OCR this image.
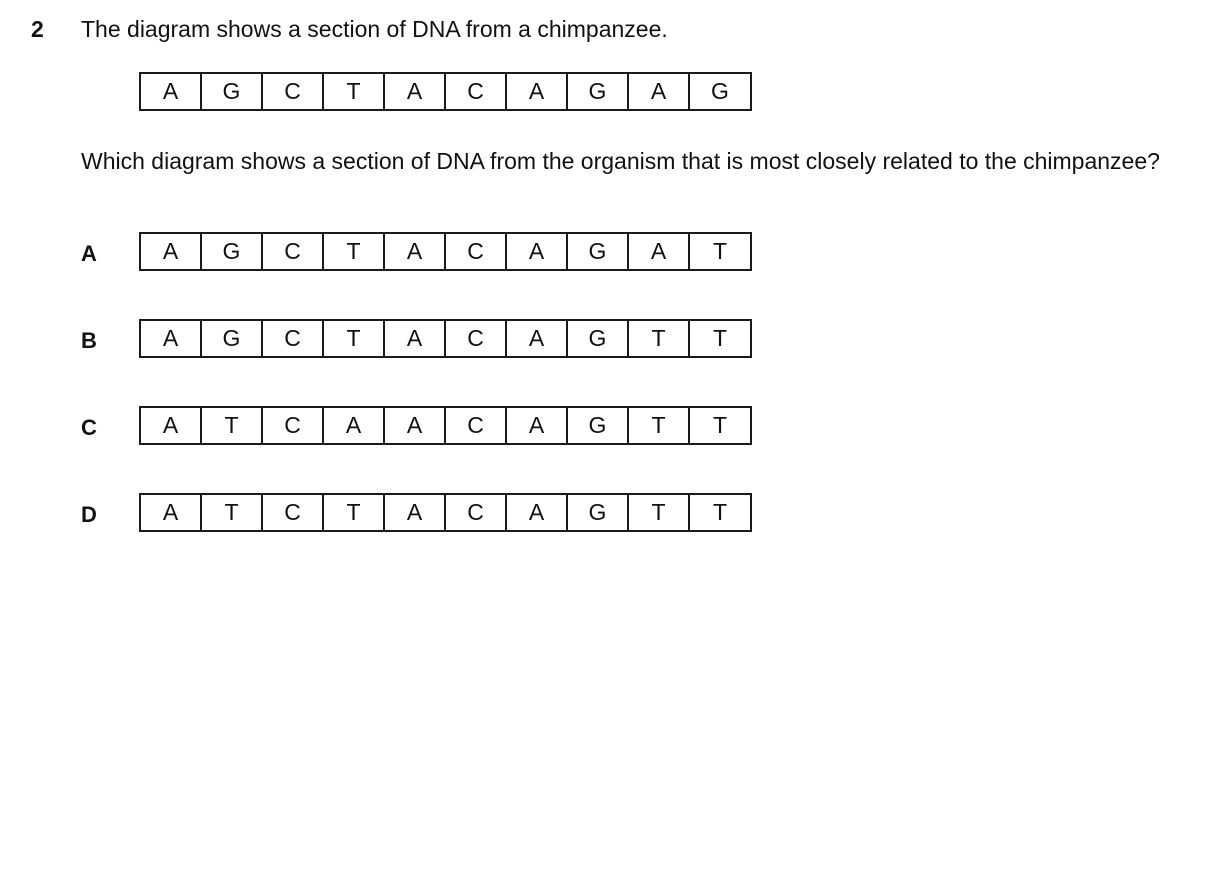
2 The diagram shows a section of DNA from a chimpanzee.
A	G	C	T	A	C	A	G	A	G
Which diagram shows a section of DNA from the organism that is most closely related to the chimpanzee?
A	A	G	C	T	A	C	A	G	A	T
B	A	G	C	T	A	C	A	G	T	T
C	A	T	C	A	A	C	A	G	T	T
D	A	T	C	T	A	C	A	G	T	T
